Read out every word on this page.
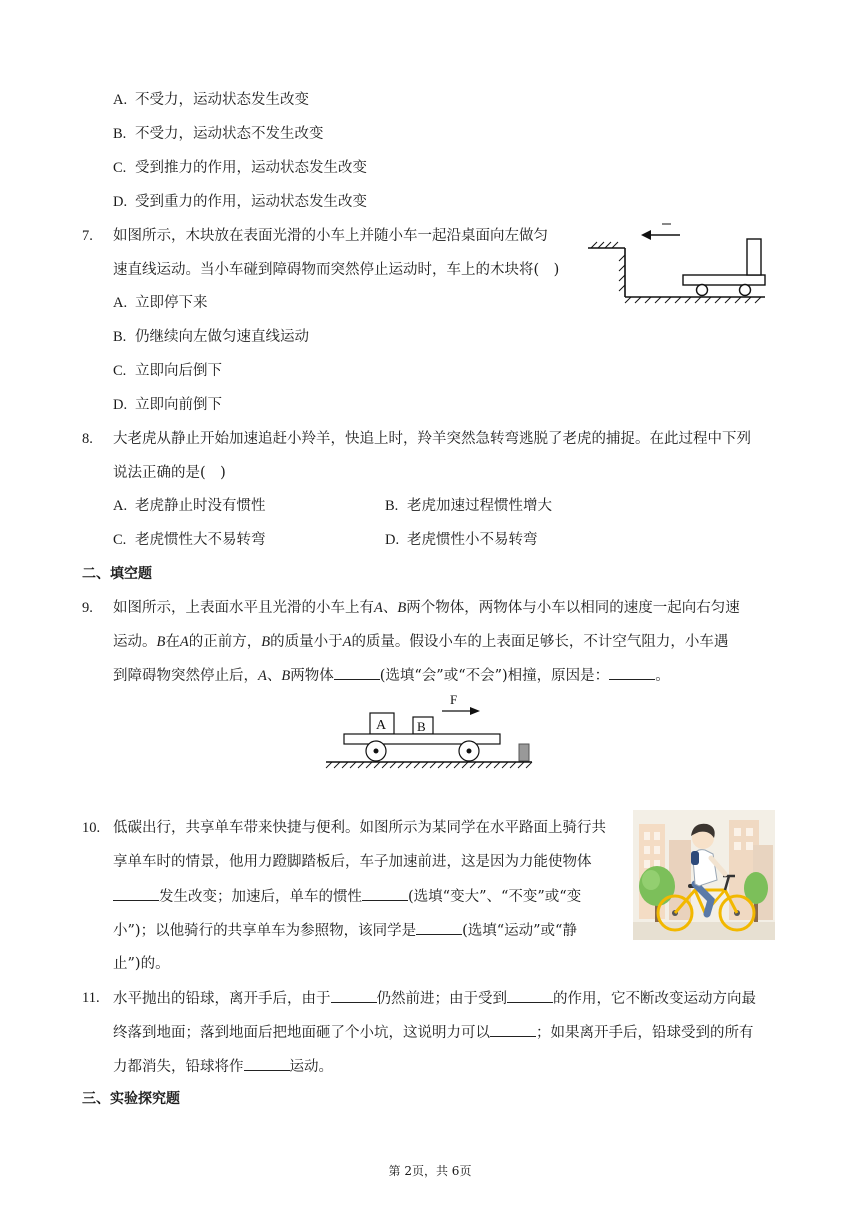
A. 不受力，运动状态发生改变
B. 不受力，运动状态不发生改变
C. 受到推力的作用，运动状态发生改变
D. 受到重力的作用，运动状态发生改变
7. 如图所示，木块放在表面光滑的小车上并随小车一起沿桌面向左做匀
速直线运动。当小车碰到障碍物而突然停止运动时，车上的木块将(　)
A. 立即停下来
B. 仍继续向左做匀速直线运动
C. 立即向后倒下
D. 立即向前倒下
8. 大老虎从静止开始加速追赶小羚羊，快追上时，羚羊突然急转弯逃脱了老虎的捕捉。在此过程中下列
说法正确的是(　)
A. 老虎静止时没有惯性	B. 老虎加速过程惯性增大
C. 老虎惯性大不易转弯	D. 老虎惯性小不易转弯
二、填空题
9. 如图所示，上表面水平且光滑的小车上有A、B两个物体，两物体与小车以相同的速度一起向右匀速
运动。B在A的正前方，B的质量小于A的质量。假设小车的上表面足够长，不计空气阻力，小车遇
到障碍物突然停止后，A、B两物体	(选填“会”或“不会”)相撞，原因是：	。
F
A B
10. 低碳出行，共享单车带来快捷与便利。如图所示为某同学在水平路面上骑行共
享单车时的情景，他用力蹬脚踏板后，车子加速前进，这是因为力能使物体
发生改变；加速后，单车的惯性	(选填“变大”、“不变”或“变
小”)；以他骑行的共享单车为参照物，该同学是	(选填“运动”或“静
止”)的。
11. 水平抛出的铅球，离开手后，由于	仍然前进；由于受到	的作用，它不断改变运动方向最
终落到地面；落到地面后把地面砸了个小坑，这说明力可以	；如果离开手后，铅球受到的所有
力都消失，铅球将作	运动。
三、实验探究题
第 2页，共 6页
